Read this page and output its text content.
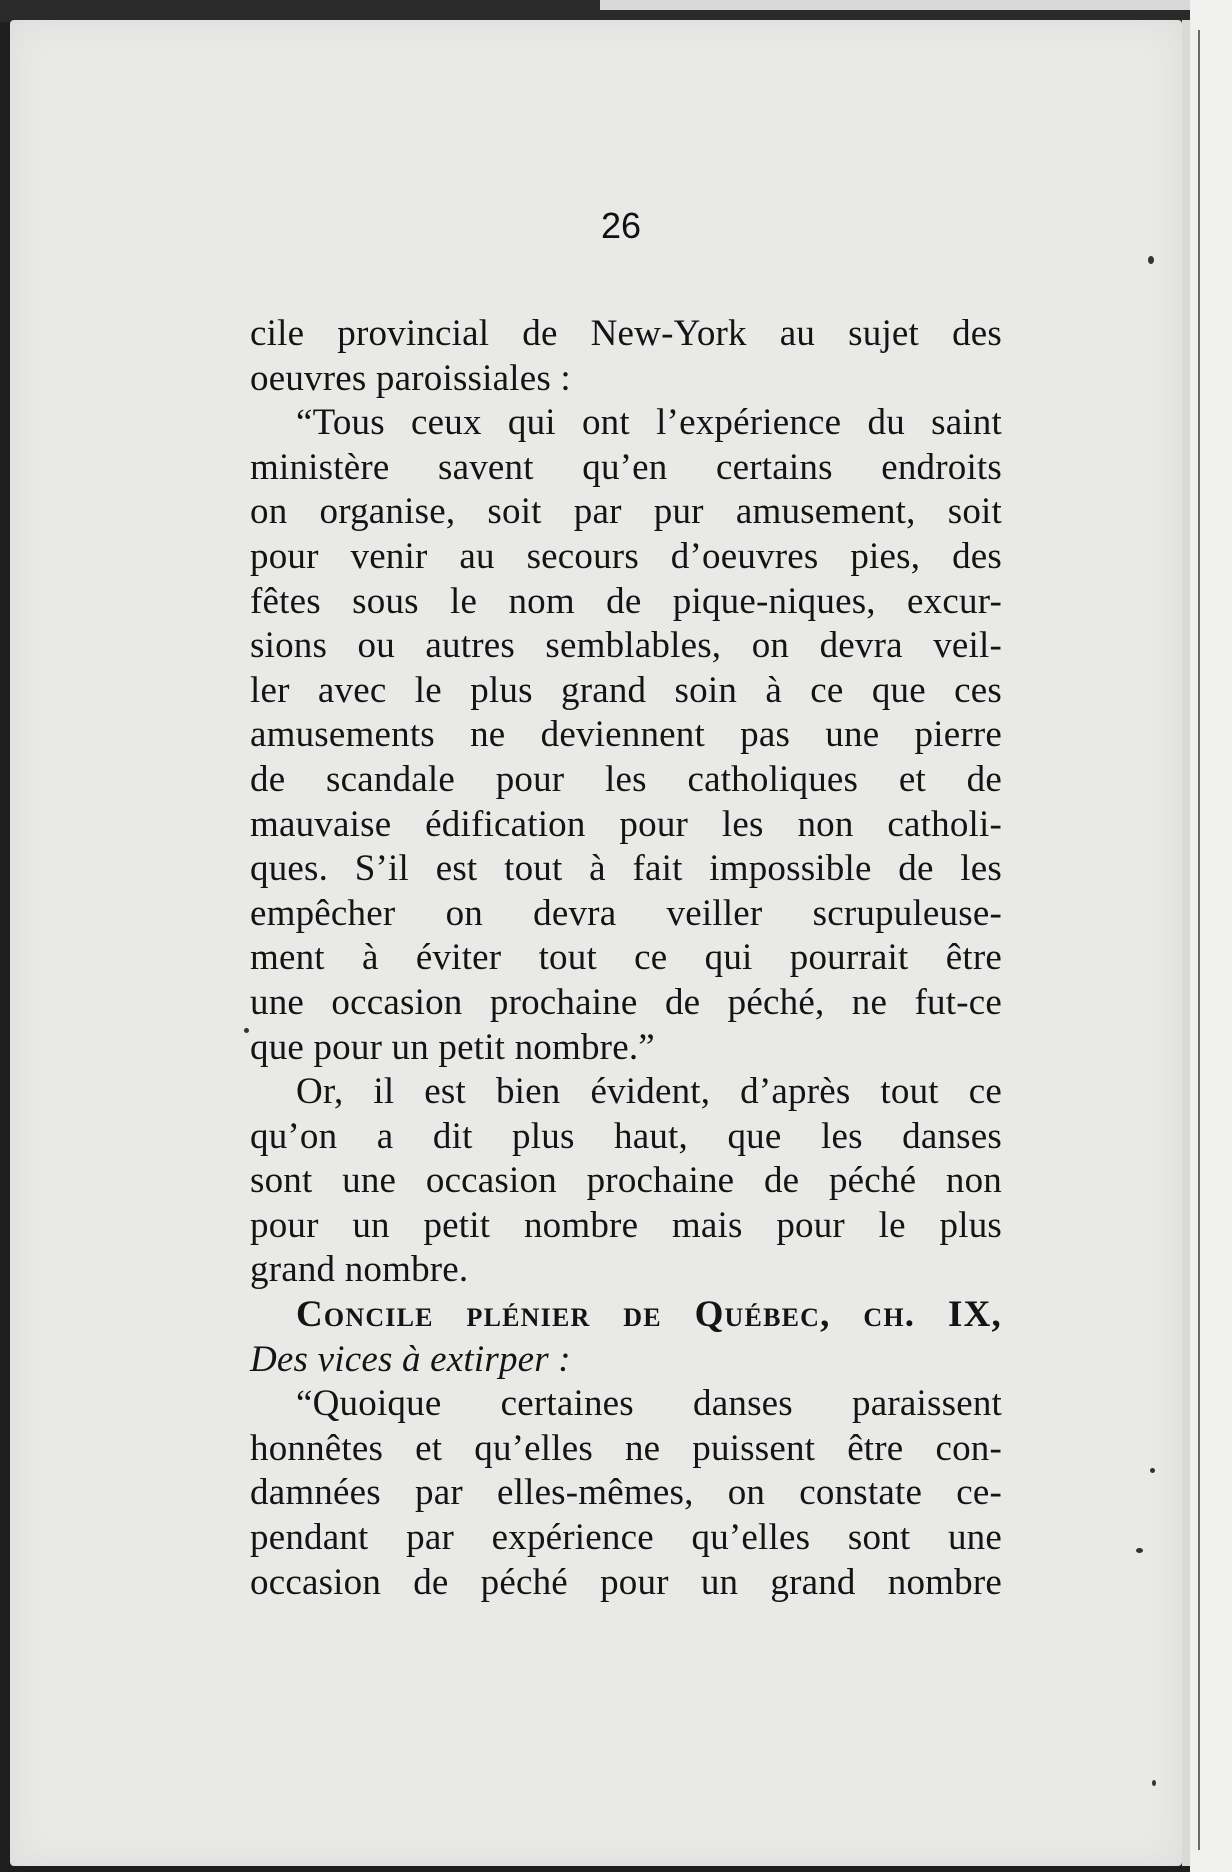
26
cile provincial de New-York au sujet des
oeuvres paroissiales :
“Tous ceux qui ont l’expérience du saint
ministère savent qu’en certains endroits
on organise, soit par pur amusement, soit
pour venir au secours d’oeuvres pies, des
fêtes sous le nom de pique-niques, excur-
sions ou autres semblables, on devra veil-
ler avec le plus grand soin à ce que ces
amusements ne deviennent pas une pierre
de scandale pour les catholiques et de
mauvaise édification pour les non catholi-
ques. S’il est tout à fait impossible de les
empêcher on devra veiller scrupuleuse-
ment à éviter tout ce qui pourrait être
une occasion prochaine de péché, ne fut-ce
que pour un petit nombre.”
Or, il est bien évident, d’après tout ce
qu’on a dit plus haut, que les danses
sont une occasion prochaine de péché non
pour un petit nombre mais pour le plus
grand nombre.
Concile plénier de Québec, ch. IX,
Des vices à extirper :
“Quoique certaines danses paraissent
honnêtes et qu’elles ne puissent être con-
damnées par elles-mêmes, on constate ce-
pendant par expérience qu’elles sont une
occasion de péché pour un grand nombre
